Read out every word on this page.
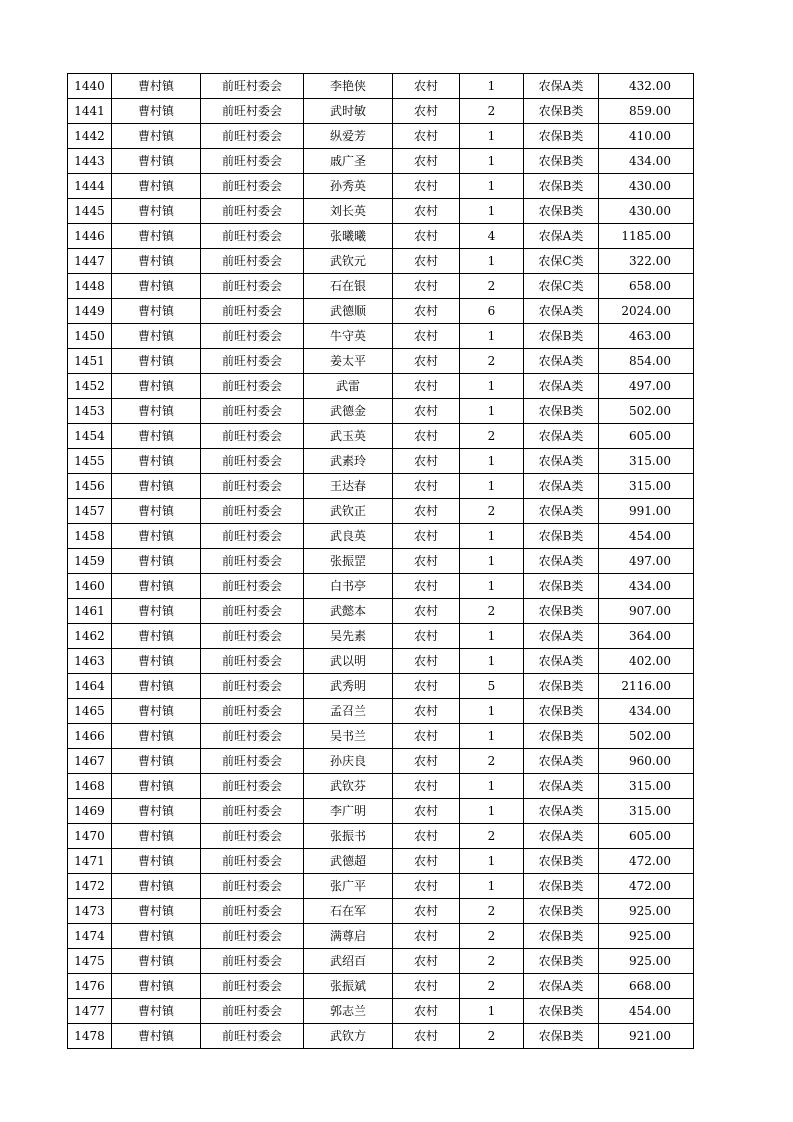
1440	曹村镇	前旺村委会	李艳侠	农村	1	农保A类	432.00
1441	曹村镇	前旺村委会	武时敏	农村	2	农保B类	859.00
1442	曹村镇	前旺村委会	纵爱芳	农村	1	农保B类	410.00
1443	曹村镇	前旺村委会	戚广圣	农村	1	农保B类	434.00
1444	曹村镇	前旺村委会	孙秀英	农村	1	农保B类	430.00
1445	曹村镇	前旺村委会	刘长英	农村	1	农保B类	430.00
1446	曹村镇	前旺村委会	张曦曦	农村	4	农保A类	1185.00
1447	曹村镇	前旺村委会	武钦元	农村	1	农保C类	322.00
1448	曹村镇	前旺村委会	石在银	农村	2	农保C类	658.00
1449	曹村镇	前旺村委会	武德顺	农村	6	农保A类	2024.00
1450	曹村镇	前旺村委会	牛守英	农村	1	农保B类	463.00
1451	曹村镇	前旺村委会	姜太平	农村	2	农保A类	854.00
1452	曹村镇	前旺村委会	武雷	农村	1	农保A类	497.00
1453	曹村镇	前旺村委会	武德金	农村	1	农保B类	502.00
1454	曹村镇	前旺村委会	武玉英	农村	2	农保A类	605.00
1455	曹村镇	前旺村委会	武素玲	农村	1	农保A类	315.00
1456	曹村镇	前旺村委会	王达春	农村	1	农保A类	315.00
1457	曹村镇	前旺村委会	武钦正	农村	2	农保A类	991.00
1458	曹村镇	前旺村委会	武良英	农村	1	农保B类	454.00
1459	曹村镇	前旺村委会	张振罡	农村	1	农保A类	497.00
1460	曹村镇	前旺村委会	白书亭	农村	1	农保B类	434.00
1461	曹村镇	前旺村委会	武懿本	农村	2	农保B类	907.00
1462	曹村镇	前旺村委会	吴先素	农村	1	农保A类	364.00
1463	曹村镇	前旺村委会	武以明	农村	1	农保A类	402.00
1464	曹村镇	前旺村委会	武秀明	农村	5	农保B类	2116.00
1465	曹村镇	前旺村委会	孟召兰	农村	1	农保B类	434.00
1466	曹村镇	前旺村委会	吴书兰	农村	1	农保B类	502.00
1467	曹村镇	前旺村委会	孙庆良	农村	2	农保A类	960.00
1468	曹村镇	前旺村委会	武钦芬	农村	1	农保A类	315.00
1469	曹村镇	前旺村委会	李广明	农村	1	农保A类	315.00
1470	曹村镇	前旺村委会	张振书	农村	2	农保A类	605.00
1471	曹村镇	前旺村委会	武德超	农村	1	农保B类	472.00
1472	曹村镇	前旺村委会	张广平	农村	1	农保B类	472.00
1473	曹村镇	前旺村委会	石在军	农村	2	农保B类	925.00
1474	曹村镇	前旺村委会	满尊启	农村	2	农保B类	925.00
1475	曹村镇	前旺村委会	武绍百	农村	2	农保B类	925.00
1476	曹村镇	前旺村委会	张振斌	农村	2	农保A类	668.00
1477	曹村镇	前旺村委会	郭志兰	农村	1	农保B类	454.00
1478	曹村镇	前旺村委会	武钦方	农村	2	农保B类	921.00
